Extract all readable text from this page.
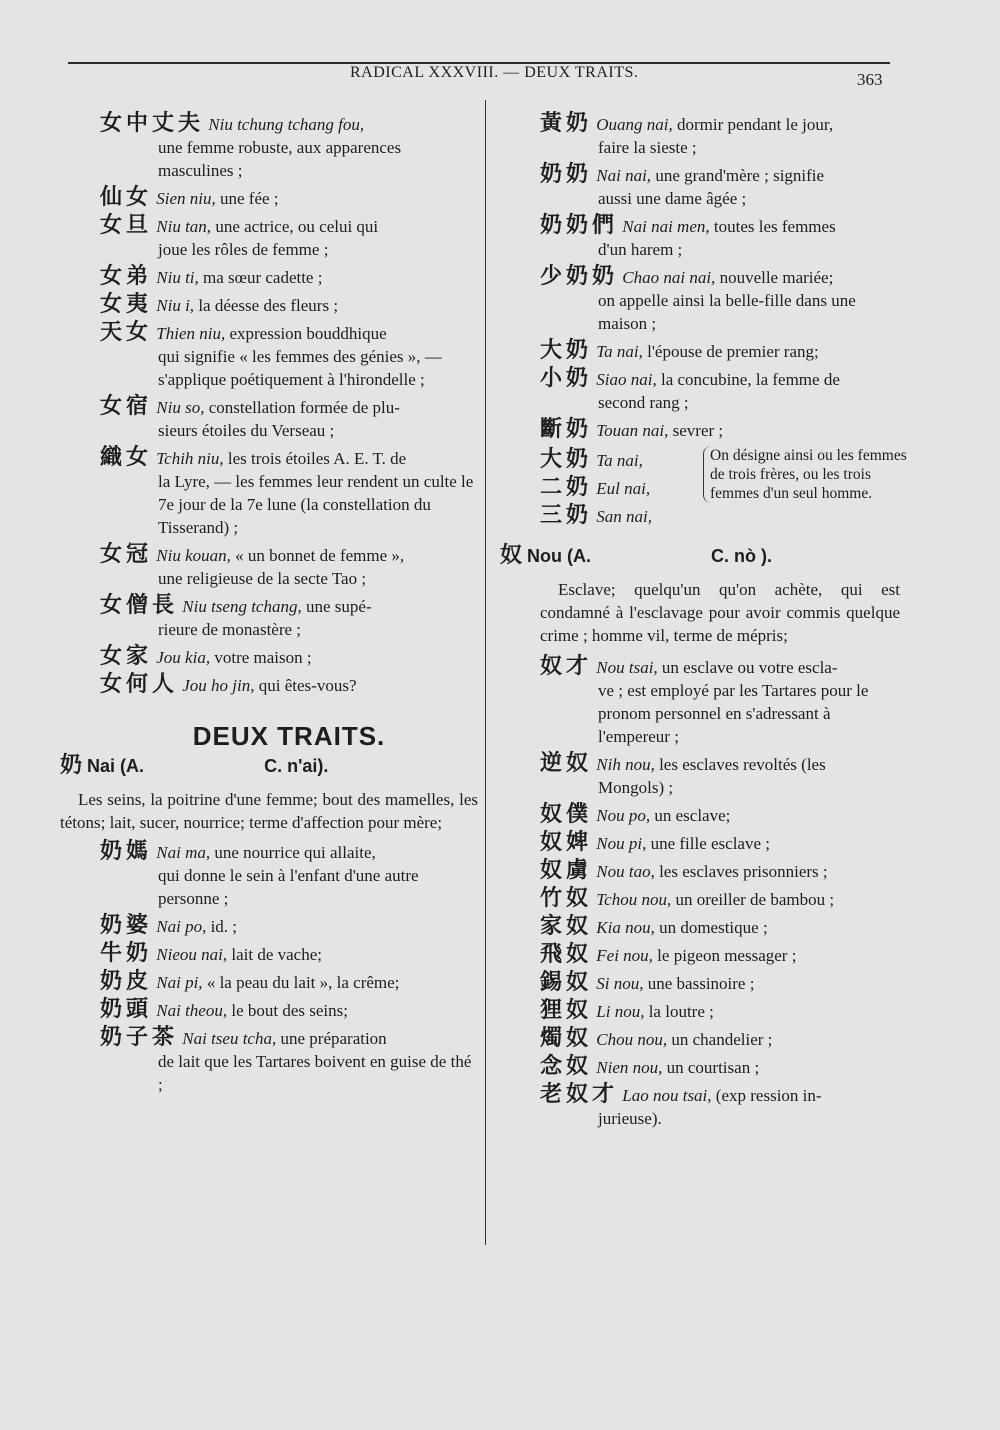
RADICAL XXXVIII. — DEUX TRAITS.	363
女中丈夫 Niu tchung tchang fou,
une femme robuste, aux apparences masculines ;
仙女 Sien niu, une fée ;
女旦 Niu tan, une actrice, ou celui qui
joue les rôles de femme ;
女弟 Niu ti, ma sœur cadette ;
女夷 Niu i, la déesse des fleurs ;
天女 Thien niu, expression bouddhique
qui signifie « les femmes des génies », — s'applique poétiquement à l'hirondelle ;
女宿 Niu so, constellation formée de plu-
sieurs étoiles du Verseau ;
織女 Tchih niu, les trois étoiles A. E. T. de
la Lyre, — les femmes leur rendent un culte le 7e jour de la 7e lune (la constellation du Tisserand) ;
女冠 Niu kouan, « un bonnet de femme »,
une religieuse de la secte Tao ;
女僧長 Niu tseng tchang, une supé-
rieure de monastère ;
女家 Jou kia, votre maison ;
女何人 Jou ho jin, qui êtes-vous?
DEUX TRAITS.
奶 Nai (A.	C. n'ai).
Les seins, la poitrine d'une femme; bout des mamelles, les tétons; lait, sucer, nourrice; terme d'affection pour mère;
奶媽 Nai ma, une nourrice qui allaite,
qui donne le sein à l'enfant d'une autre personne ;
奶婆 Nai po, id. ;
牛奶 Nieou nai, lait de vache;
奶皮 Nai pi, « la peau du lait », la crême;
奶頭 Nai theou, le bout des seins;
奶子茶 Nai tseu tcha, une préparation
de lait que les Tartares boivent en guise de thé ;
黃奶 Ouang nai, dormir pendant le jour,
faire la sieste ;
奶奶 Nai nai, une grand'mère ; signifie
aussi une dame âgée ;
奶奶們 Nai nai men, toutes les femmes
d'un harem ;
少奶奶 Chao nai nai, nouvelle mariée;
on appelle ainsi la belle-fille dans une maison ;
大奶 Ta nai, l'épouse de premier rang;
小奶 Siao nai, la concubine, la femme de
second rang ;
斷奶 Touan nai, sevrer ;
大奶 Ta nai,
二奶 Eul nai,
三奶 San nai,
On désigne ainsi ou les femmes de trois frères, ou les trois femmes d'un seul homme.
奴 Nou (A.	C. nò ).
Esclave; quelqu'un qu'on achète, qui est condamné à l'esclavage pour avoir commis quelque crime ; homme vil, terme de mépris;
奴才 Nou tsai, un esclave ou votre escla-
ve ; est employé par les Tartares pour le pronom personnel en s'adressant à l'empereur ;
逆奴 Nih nou, les esclaves revoltés (les
Mongols) ;
奴僕 Nou po, un esclave;
奴婢 Nou pi, une fille esclave ;
奴虜 Nou tao, les esclaves prisonniers ;
竹奴 Tchou nou, un oreiller de bambou ;
家奴 Kia nou, un domestique ;
飛奴 Fei nou, le pigeon messager ;
錫奴 Si nou, une bassinoire ;
狸奴 Li nou, la loutre ;
燭奴 Chou nou, un chandelier ;
念奴 Nien nou, un courtisan ;
老奴才 Lao nou tsai, (exp ression in-
jurieuse).
